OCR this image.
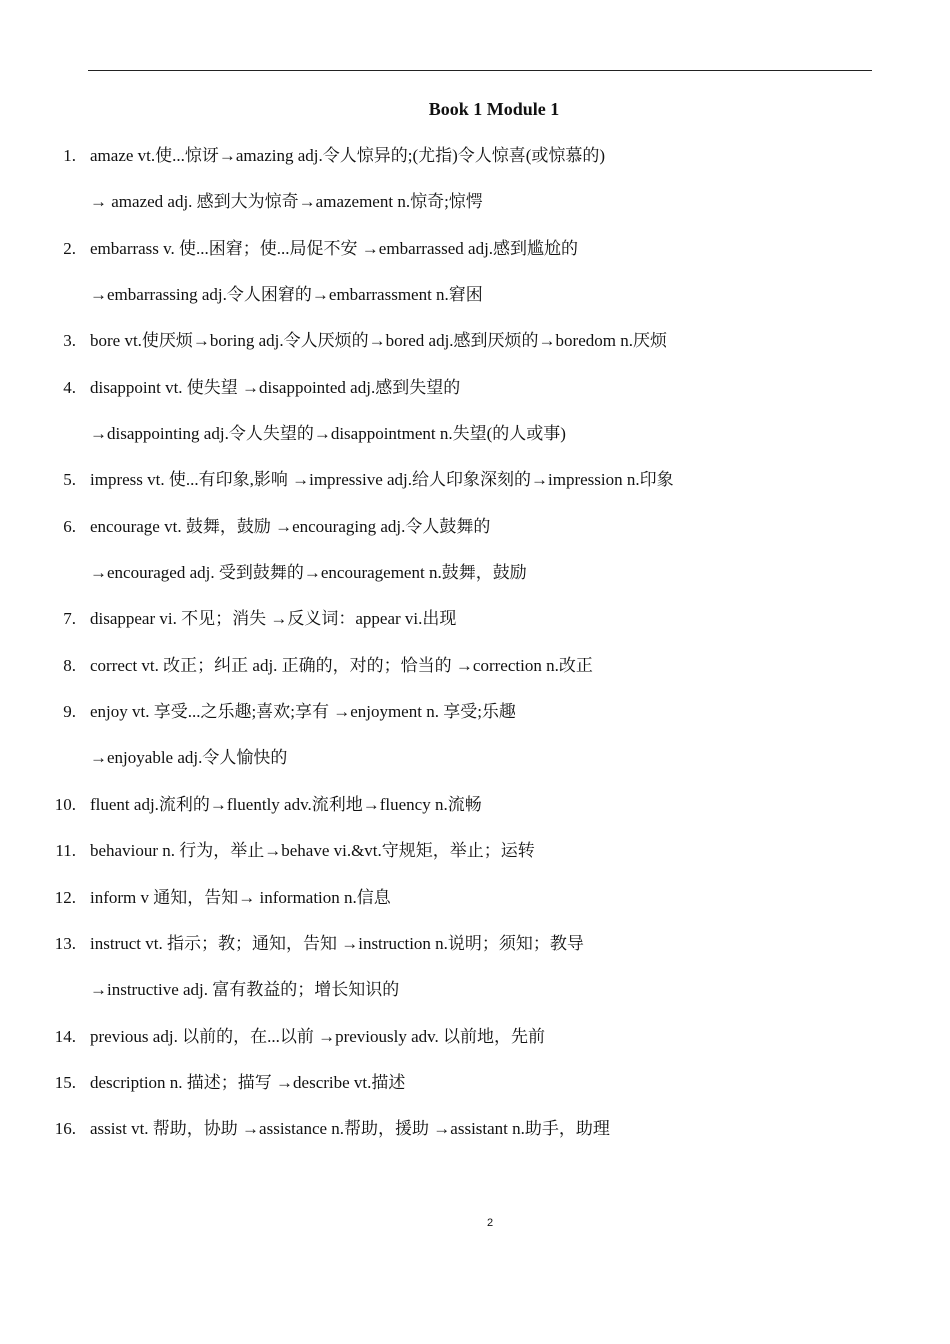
Book 1 Module 1
1. amaze vt.使...惊讶→amazing adj.令人惊异的;(尤指)令人惊喜(或惊慕的)
→ amazed adj. 感到大为惊奇→amazement n.惊奇;惊愕
2. embarrass v. 使...困窘；使...局促不安 →embarrassed adj.感到尴尬的
→embarrassing adj.令人困窘的→embarrassment n.窘困
3. bore vt.使厌烦→boring adj.令人厌烦的→bored adj.感到厌烦的→boredom n.厌烦
4. disappoint vt. 使失望 →disappointed adj.感到失望的
→disappointing adj.令人失望的→disappointment n.失望(的人或事)
5. impress vt. 使...有印象,影响 →impressive adj.给人印象深刻的→impression n.印象
6. encourage vt. 鼓舞，鼓励 →encouraging adj.令人鼓舞的
→encouraged adj. 受到鼓舞的→encouragement n.鼓舞，鼓励
7. disappear vi. 不见；消失 →反义词：appear vi.出现
8. correct vt. 改正；纠正 adj. 正确的，对的；恰当的 →correction n.改正
9. enjoy vt. 享受...之乐趣;喜欢;享有 →enjoyment n. 享受;乐趣
→enjoyable adj.令人愉快的
10. fluent adj.流利的→fluently adv.流利地→fluency n.流畅
11. behaviour n. 行为，举止→behave vi.&vt.守规矩，举止；运转
12. inform v 通知，告知→ information n.信息
13. instruct vt. 指示；教；通知，告知 →instruction n.说明；须知；教导
→instructive adj. 富有教益的；增长知识的
14. previous adj. 以前的，在...以前 →previously adv. 以前地，先前
15. description n. 描述；描写 →describe vt.描述
16. assist vt. 帮助，协助 →assistance n.帮助，援助 →assistant n.助手，助理
2
